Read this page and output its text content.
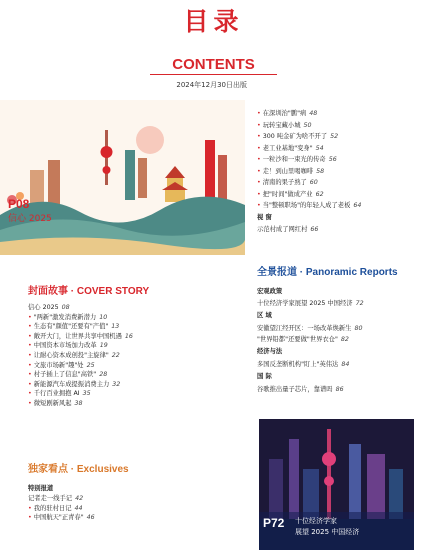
目录
CONTENTS
2024年12月30日出版
P08
信心 2025
封面故事 · COVER STORY
信心 2025 08
• "两新"激发消费新潜力 10
• 生态有"颜值"还要有"产值" 13
• 敞开大门，让世界共享中国机遇 16
• 中国资本市场加力改革 19
• 让耐心资本成创投"主旋律" 22
• 文旅市场新"趣"处 25
• 村子插上了信息"高铁" 28
• 新能源汽车成提振消费主力 32
• 千行百业拥抱 AI 35
• 微短剧新风起 38
独家看点 · Exclusives
特别报道
记者走一线手记 42
• 我的驻村日记 44
• 中国航天"正青春" 46
• 在深圳治"鹏"病 48
• 玩转宝藏小城 50
• 300 吨金矿为啥不开了 52
• 老工业基地"变身" 54
• 一粒沙和一束光的传奇 56
• 走！到山里喝咖啡 58
• 清南的果子熟了 60
• 把"时间"做成产业 62
• 当"整顿职场"的年轻人成了老板 64
视 窗
示范村成了网红村 66
全景报道 · Panoramic Reports
宏观政策
十位经济学家展望 2025 中国经济 72
区 域
安徽望江经开区：一场改革焕新生 80
"世界铅都"还要做"世界衣仓" 82
经济与法
多国反垄断机构"盯上"英伟达 84
国 际
谷歌推出量子芯片，靠谱吗 86
P72 十位经济学家
展望 2025 中国经济
